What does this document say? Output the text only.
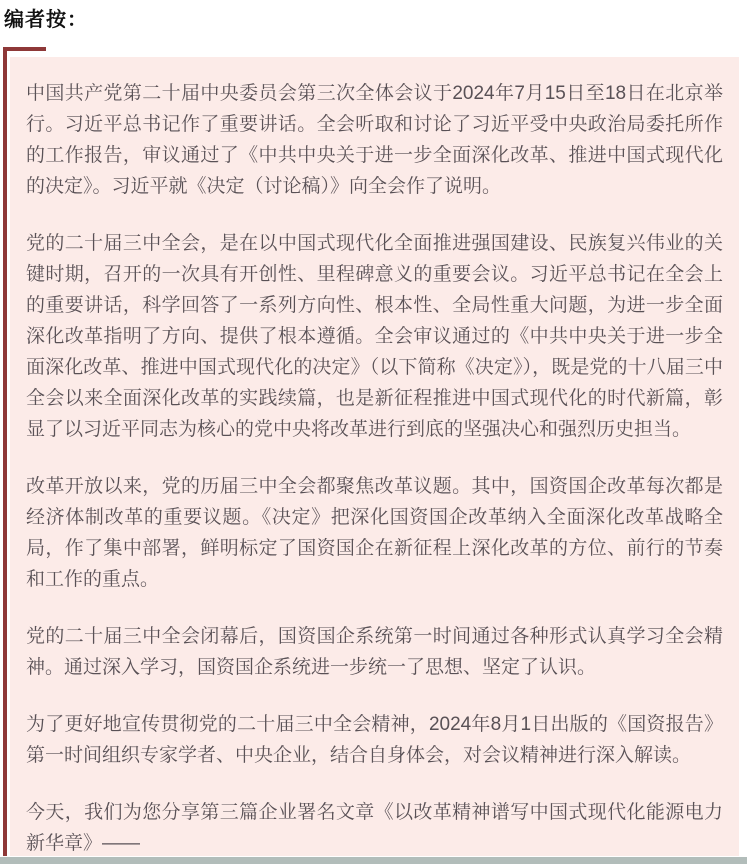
编者按：

中国共产党第二十届中央委员会第三次全体会议于2024年7月15日至18日在北京举行。习近平总书记作了重要讲话。全会听取和讨论了习近平受中央政治局委托所作的工作报告，审议通过了《中共中央关于进一步全面深化改革、推进中国式现代化的决定》。习近平就《决定（讨论稿）》向全会作了说明。

党的二十届三中全会，是在以中国式现代化全面推进强国建设、民族复兴伟业的关键时期，召开的一次具有开创性、里程碑意义的重要会议。习近平总书记在全会上的重要讲话，科学回答了一系列方向性、根本性、全局性重大问题，为进一步全面深化改革指明了方向、提供了根本遵循。全会审议通过的《中共中央关于进一步全面深化改革、推进中国式现代化的决定》（以下简称《决定》），既是党的十八届三中全会以来全面深化改革的实践续篇，也是新征程推进中国式现代化的时代新篇，彰显了以习近平同志为核心的党中央将改革进行到底的坚强决心和强烈历史担当。

改革开放以来，党的历届三中全会都聚焦改革议题。其中，国资国企改革每次都是经济体制改革的重要议题。《决定》把深化国资国企改革纳入全面深化改革战略全局，作了集中部署，鲜明标定了国资国企在新征程上深化改革的方位、前行的节奏和工作的重点。

党的二十届三中全会闭幕后，国资国企系统第一时间通过各种形式认真学习全会精神。通过深入学习，国资国企系统进一步统一了思想、坚定了认识。

为了更好地宣传贯彻党的二十届三中全会精神，2024年8月1日出版的《国资报告》第一时间组织专家学者、中央企业，结合自身体会，对会议精神进行深入解读。

今天，我们为您分享第三篇企业署名文章《以改革精神谱写中国式现代化能源电力新华章》——
